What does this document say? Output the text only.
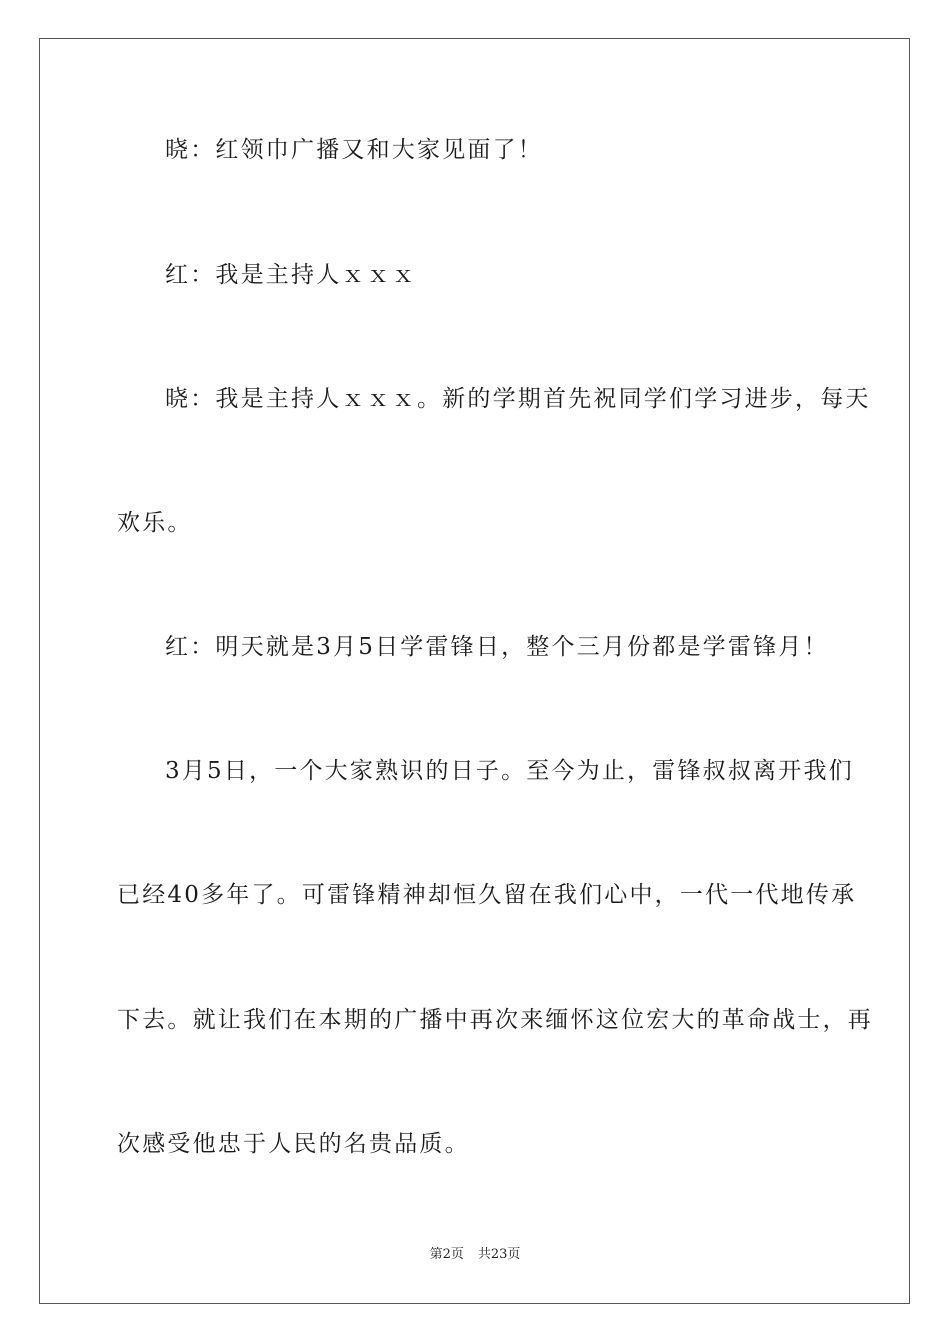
晓：红领巾广播又和大家见面了！
红：我是主持人ｘｘｘ
晓：我是主持人ｘｘｘ。新的学期首先祝同学们学习进步，每天
欢乐。
红：明天就是3月5日学雷锋日，整个三月份都是学雷锋月！
3月5日，一个大家熟识的日子。至今为止，雷锋叔叔离开我们
已经40多年了。可雷锋精神却恒久留在我们心中，一代一代地传承
下去。就让我们在本期的广播中再次来缅怀这位宏大的革命战士，再
次感受他忠于人民的名贵品质。
第2页 共23页
